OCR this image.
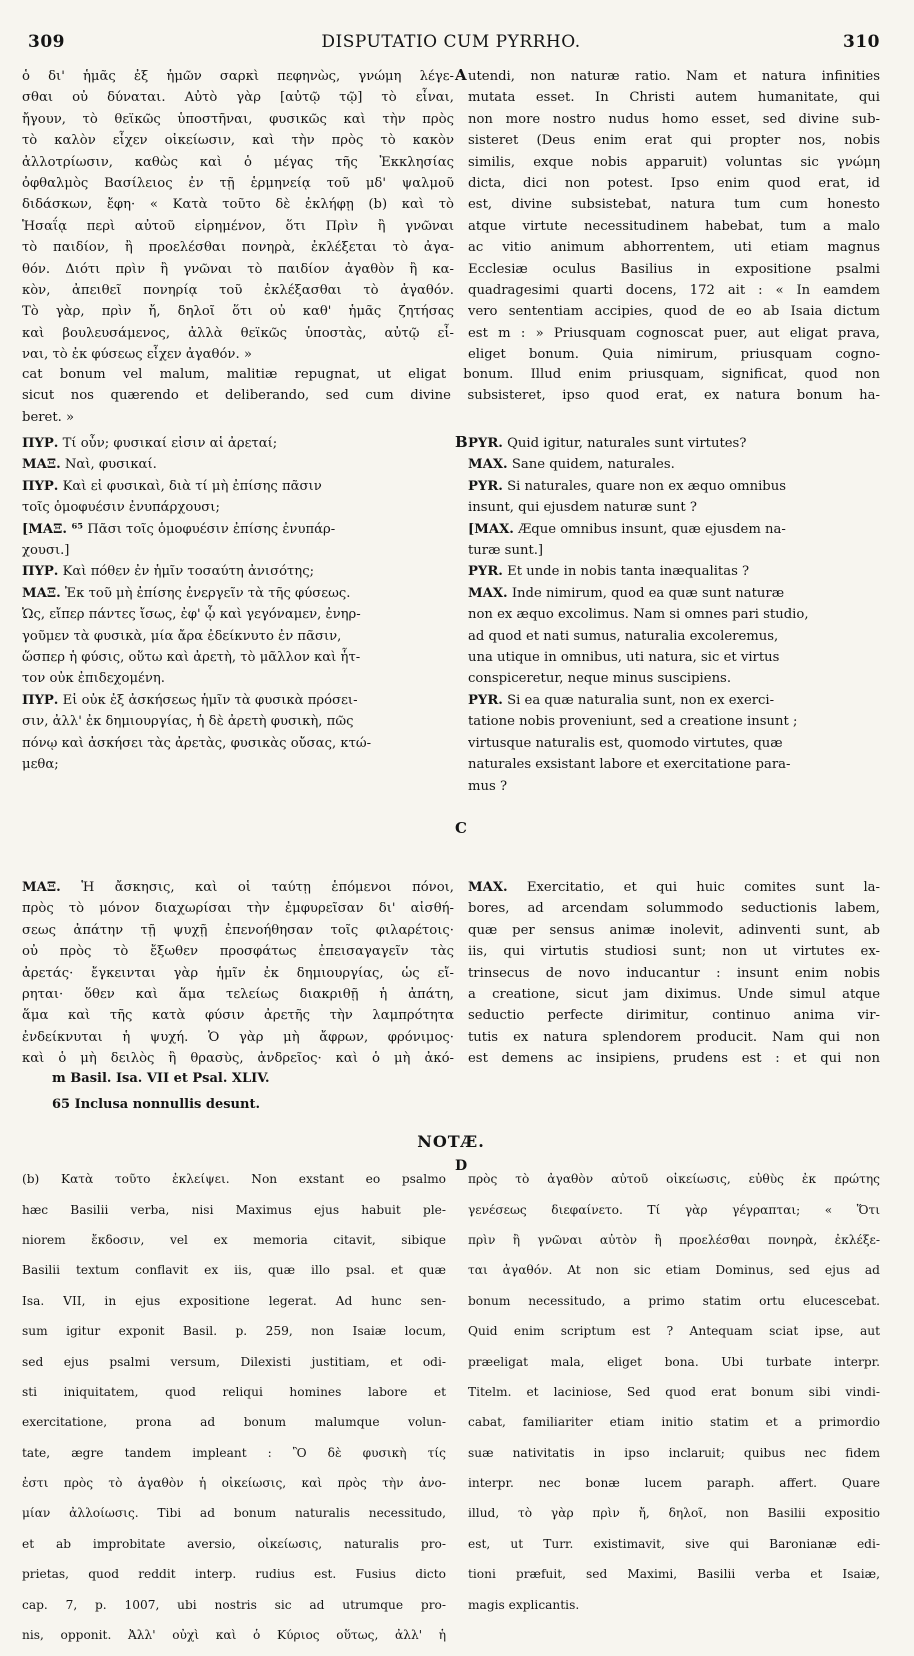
309	DISPUTATIO CUM PYRRHO.	310

ὁ δι' ἡμᾶς ἐξ ἡμῶν σαρκὶ πεφηνὼς, γνώμη λέγε-

σθαι οὐ δύναται. Αὐτὸ γὰρ [αὐτῷ τῷ] τὸ εἶναι,

ἤγουν, τὸ θεϊκῶς ὑποστῆναι, φυσικῶς καὶ τὴν πρὸς

τὸ καλὸν εἶχεν οἰκείωσιν, καὶ τὴν πρὸς τὸ κακὸν

ἀλλοτρίωσιν, καθὼς καὶ ὁ μέγας τῆς Ἐκκλησίας

ὀφθαλμὸς Βασίλειος ἐν τῇ ἑρμηνείᾳ τοῦ μδ' ψαλμοῦ

διδάσκων, ἔφη· « Κατὰ τοῦτο δὲ ἐκλήφῃ (b) καὶ τὸ

Ἡσαΐᾳ περὶ αὐτοῦ εἰρημένον, ὅτι Πρὶν ἢ γνῶναι

τὸ παιδίον, ἢ προελέσθαι πονηρὰ, ἐκλέξεται τὸ ἀγα-

θόν. Διότι πρὶν ἢ γνῶναι τὸ παιδίον ἀγαθὸν ἢ κα-

κὸν, ἀπειθεῖ πονηρίᾳ τοῦ ἐκλέξασθαι τὸ ἀγαθόν.

Τὸ γὰρ, πρὶν ἤ, δηλοῖ ὅτι οὐ καθ' ἡμᾶς ζητήσας

καὶ βουλευσάμενος, ἀλλὰ θεϊκῶς ὑποστὰς, αὐτῷ εἶ-

ναι, τὸ ἐκ φύσεως εἶχεν ἀγαθόν. »

A utendi, non naturæ ratio. Nam et natura infinities

mutata esset. In Christi autem humanitate, qui

non more nostro nudus homo esset, sed divine sub-

sisteret (Deus enim erat qui propter nos, nobis

similis, exque nobis apparuit) voluntas sic γνώμη

dicta, dici non potest. Ipso enim quod erat, id

est, divine subsistebat, natura tum cum honesto

atque virtute necessitudinem habebat, tum a malo

ac vitio animum abhorrentem, uti etiam magnus

Ecclesiæ oculus Basilius in expositione psalmi

quadragesimi quarti docens, 172 ait : « In eamdem

vero sententiam accipies, quod de eo ab Isaia dictum

est m : » Priusquam cognoscat puer, aut eligat prava,

eliget bonum. Quia nimirum, priusquam cogno-

cat bonum vel malum, malitiæ repugnat, ut eligat bonum. Illud enim priusquam, significat, quod non

sicut nos quærendo et deliberando, sed cum divine subsisteret, ipso quod erat, ex natura bonum ha-

beret. »

ΠΥΡ. Τί οὖν; φυσικαί εἰσιν αἱ ἀρεταί;

ΜΑΞ. Ναὶ, φυσικαί.

ΠΥΡ. Καὶ εἰ φυσικαὶ, διὰ τί μὴ ἐπίσης πᾶσιν

τοῖς ὁμοφυέσιν ἐνυπάρχουσι;

[ΜΑΞ. ⁶⁵ Πᾶσι τοῖς ὁμοφυέσιν ἐπίσης ἐνυπάρ-

χουσι.]

ΠΥΡ. Καὶ πόθεν ἐν ἡμῖν τοσαύτη ἀνισότης;

ΜΑΞ. Ἐκ τοῦ μὴ ἐπίσης ἐνεργεῖν τὰ τῆς φύσεως.

Ὡς, εἴπερ πάντες ἴσως, ἐφ' ᾧ καὶ γεγόναμεν, ἐνηρ-

γοῦμεν τὰ φυσικὰ, μία ἄρα ἐδείκνυτο ἐν πᾶσιν,

ὥσπερ ἡ φύσις, οὕτω καὶ ἀρετὴ, τὸ μᾶλλον καὶ ἧτ-

τον οὐκ ἐπιδεχομένη.

ΠΥΡ. Εἰ οὐκ ἐξ ἀσκήσεως ἡμῖν τὰ φυσικὰ πρόσει-

σιν, ἀλλ' ἐκ δημιουργίας, ἡ δὲ ἀρετὴ φυσικὴ, πῶς

πόνῳ καὶ ἀσκήσει τὰς ἀρετὰς, φυσικὰς οὔσας, κτώ-

μεθα;

B PYR. Quid igitur, naturales sunt virtutes?

MAX. Sane quidem, naturales.

PYR. Si naturales, quare non ex æquo omnibus

insunt, qui ejusdem naturæ sunt ?

[MAX. Æque omnibus insunt, quæ ejusdem na-

turæ sunt.]

PYR. Et unde in nobis tanta inæqualitas ?

MAX. Inde nimirum, quod ea quæ sunt naturæ

non ex æquo excolimus. Nam si omnes pari studio,

ad quod et nati sumus, naturalia excoleremus,

una utique in omnibus, uti natura, sic et virtus

conspiceretur, neque minus suscipiens.

PYR. Si ea quæ naturalia sunt, non ex exerci-

tatione nobis proveniunt, sed a creatione insunt ;

virtusque naturalis est, quomodo virtutes, quæ

naturales exsistant labore et exercitatione para-

mus ?

C

ΜΑΞ. Ἡ ἄσκησις, καὶ οἱ ταύτῃ ἑπόμενοι πόνοι,

πρὸς τὸ μόνον διαχωρίσαι τὴν ἐμφυρεῖσαν δι' αἰσθή-

σεως ἀπάτην τῇ ψυχῇ ἐπενοήθησαν τοῖς φιλαρέτοις·

οὐ πρὸς τὸ ἔξωθεν προσφάτως ἐπεισαγαγεῖν τὰς

ἀρετάς· ἔγκεινται γὰρ ἡμῖν ἐκ δημιουργίας, ὡς εἴ-

ρηται· ὅθεν καὶ ἅμα τελείως διακριθῇ ἡ ἀπάτη,

ἅμα καὶ τῆς κατὰ φύσιν ἀρετῆς τὴν λαμπρότητα

ἐνδείκνυται ἡ ψυχή. Ὁ γὰρ μὴ ἄφρων, φρόνιμος·

καὶ ὁ μὴ δειλὸς ἢ θρασὺς, ἀνδρεῖος· καὶ ὁ μὴ ἀκό-

MAX. Exercitatio, et qui huic comites sunt la-

bores, ad arcendam solummodo seductionis labem,

quæ per sensus animæ inolevit, adinventi sunt, ab

iis, qui virtutis studiosi sunt; non ut virtutes ex-

trinsecus de novo inducantur : insunt enim nobis

a creatione, sicut jam diximus. Unde simul atque

seductio perfecte dirimitur, continuo anima vir-

tutis ex natura splendorem producit. Nam qui non

est demens ac insipiens, prudens est : et qui non

m Basil. Isa. VII et Psal. XLIV.
65 Inclusa nonnullis desunt.
NOTÆ.

(b) Κατὰ τοῦτο ἐκλείψει. Non exstant eo psalmo

hæc Basilii verba, nisi Maximus ejus habuit ple-

niorem ἔκδοσιν, vel ex memoria citavit, sibique

Basilii textum conflavit ex iis, quæ illo psal. et quæ

Isa. VII, in ejus expositione legerat. Ad hunc sen-

sum igitur exponit Basil. p. 259, non Isaiæ locum,

sed ejus psalmi versum, Dilexisti justitiam, et odi-

sti iniquitatem, quod reliqui homines labore et

exercitatione, prona ad bonum malumque volun-

tate, ægre tandem impleant : Ὃ δὲ φυσικὴ τίς

ἐστι πρὸς τὸ ἀγαθὸν ἡ οἰκείωσις, καὶ πρὸς τὴν ἀνο-

μίαν ἀλλοίωσις. Tibi ad bonum naturalis necessitudo,

et ab improbitate aversio, οἰκείωσις, naturalis pro-

prietas, quod reddit interp. rudius est. Fusius dicto

cap. 7, p. 1007, ubi nostris sic ad utrumque pro-

nis, opponit. Ἀλλ' οὐχὶ καὶ ὁ Κύριος οὕτως, ἀλλ' ἡ

D

πρὸς τὸ ἀγαθὸν αὐτοῦ οἰκείωσις, εὐθὺς ἐκ πρώτης

γενέσεως διεφαίνετο. Τί γὰρ γέγραπται; « Ὅτι

πρὶν ἢ γνῶναι αὐτὸν ἢ προελέσθαι πονηρὰ, ἐκλέξε-

ται ἀγαθόν. At non sic etiam Dominus, sed ejus ad

bonum necessitudo, a primo statim ortu elucescebat.

Quid enim scriptum est ? Antequam sciat ipse, aut

præeligat mala, eliget bona. Ubi turbate interpr.

Titelm. et laciniose, Sed quod erat bonum sibi vindi-

cabat, familiariter etiam initio statim et a primordio

suæ nativitatis in ipso inclaruit; quibus nec fidem

interpr. nec bonæ lucem paraph. affert. Quare

illud, τὸ γὰρ πρὶν ἤ, δηλοῖ, non Basilii expositio

est, ut Turr. existimavit, sive qui Baronianæ edi-

tioni præfuit, sed Maximi, Basilii verba et Isaiæ,

magis explicantis.
